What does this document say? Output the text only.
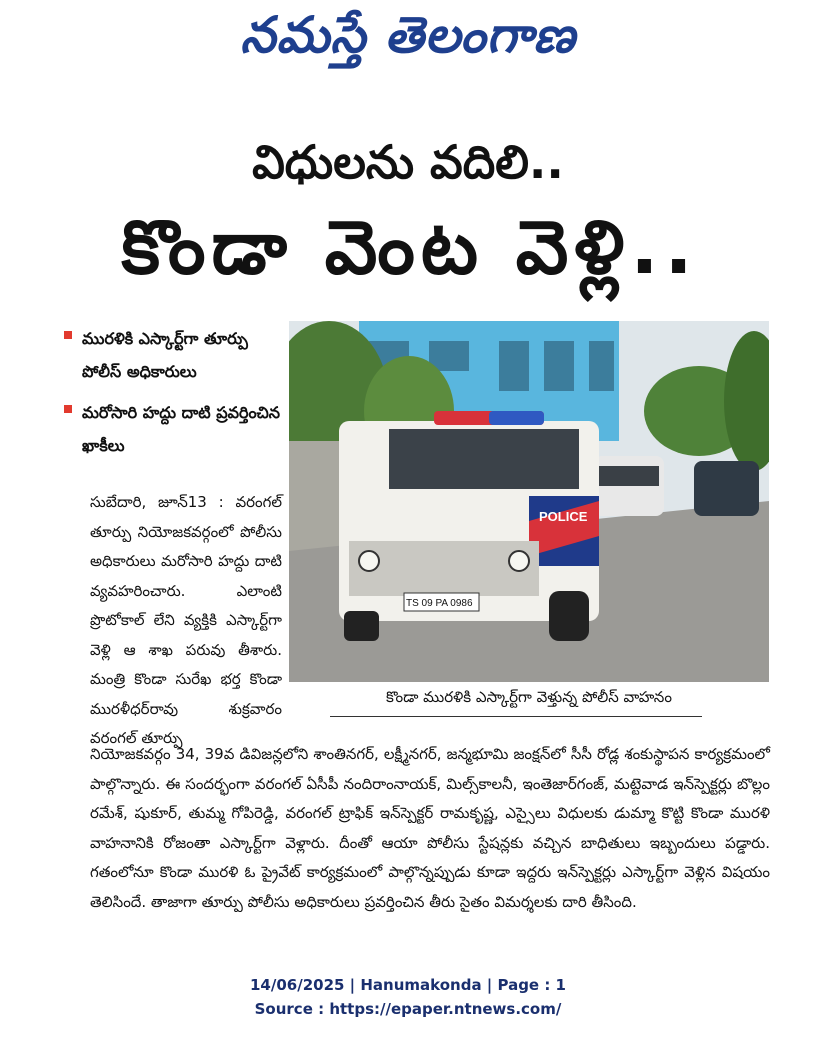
నమస్తే తెలంగాణ
విధులను వదిలి..
కొండా వెంట వెళ్లి..
మురళికి ఎస్కార్ట్‌గా తూర్పు పోలీస్ అధికారులు
మరోసారి హద్దు దాటి ప్రవర్తించిన ఖాకీలు
సుబేదారి, జూన్13 : వరంగల్ తూర్పు నియోజకవర్గంలో పోలీసు అధికారులు మరోసారి హద్దు దాటి వ్యవహరించారు. ఎలాంటి ప్రొటోకాల్ లేని వ్యక్తికి ఎస్కార్ట్‌గా వెళ్లి ఆ శాఖ పరువు తీశారు. మంత్రి కొండా సురేఖ భర్త కొండా మురళీధర్‌రావు శుక్రవారం వరంగల్ తూర్పు
POLICE
TS 09 PA 0986
కొండా మురళికి ఎస్కార్ట్‌గా వెళ్తున్న పోలీస్ వాహనం
నియోజకవర్గం 34, 39వ డివిజన్లలోని శాంతినగర్, లక్ష్మీనగర్, జన్మభూమి జంక్షన్‌లో సీసీ రోడ్ల శంకుస్థాపన కార్యక్రమంలో పాల్గొన్నారు. ఈ సందర్భంగా వరంగల్ ఏసీపీ నందిరాంనాయక్, మిల్స్‌కాలనీ, ఇంతెజార్‌గంజ్, మట్టెవాడ ఇన్‌స్పెక్టర్లు బొల్లం రమేశ్, షుకూర్, తుమ్మ గోపిరెడ్డి, వరంగల్ ట్రాఫిక్ ఇన్‌స్పెక్టర్ రామకృష్ణ, ఎస్సైలు విధులకు డుమ్మా కొట్టి కొండా మురళి వాహనానికి రోజంతా ఎస్కార్ట్‌గా వెళ్లారు. దీంతో ఆయా పోలీసు స్టేషన్లకు వచ్చిన బాధితులు ఇబ్బందులు పడ్డారు. గతంలోనూ కొండా మురళి ఓ ప్రైవేట్ కార్యక్రమంలో పాల్గొన్నప్పుడు కూడా ఇద్దరు ఇన్‌స్పెక్టర్లు ఎస్కార్ట్‌గా వెళ్లిన విషయం తెలిసిందే. తాజాగా తూర్పు పోలీసు అధికారులు ప్రవర్తించిన తీరు సైతం విమర్శలకు దారి తీసింది.
14/06/2025 | Hanumakonda | Page : 1
Source : https://epaper.ntnews.com/
